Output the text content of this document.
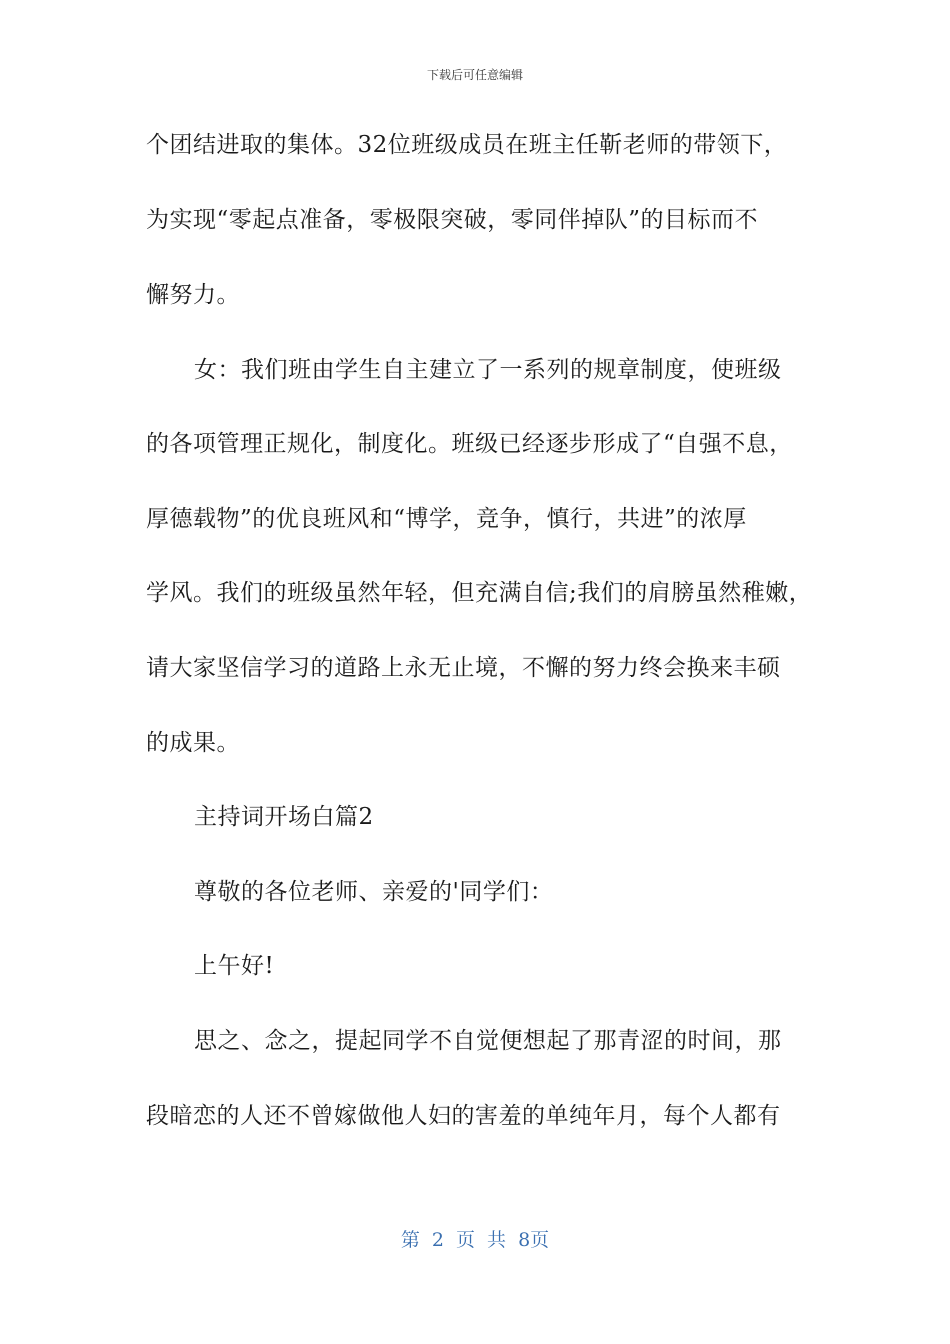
下载后可任意编辑
个团结进取的集体。32位班级成员在班主任靳老师的带领下，
为实现“零起点准备，零极限突破，零同伴掉队”的目标而不
懈努力。
女：我们班由学生自主建立了一系列的规章制度，使班级
的各项管理正规化，制度化。班级已经逐步形成了“自强不息，
厚德载物”的优良班风和“博学，竞争，慎行，共进”的浓厚
学风。我们的班级虽然年轻，但充满自信;我们的肩膀虽然稚嫩，
请大家坚信学习的道路上永无止境，不懈的努力终会换来丰硕
的成果。
主持词开场白篇2
尊敬的各位老师、亲爱的'同学们：
上午好!
思之、念之，提起同学不自觉便想起了那青涩的时间，那
段暗恋的人还不曾嫁做他人妇的害羞的单纯年月，每个人都有
第 2 页 共 8页
